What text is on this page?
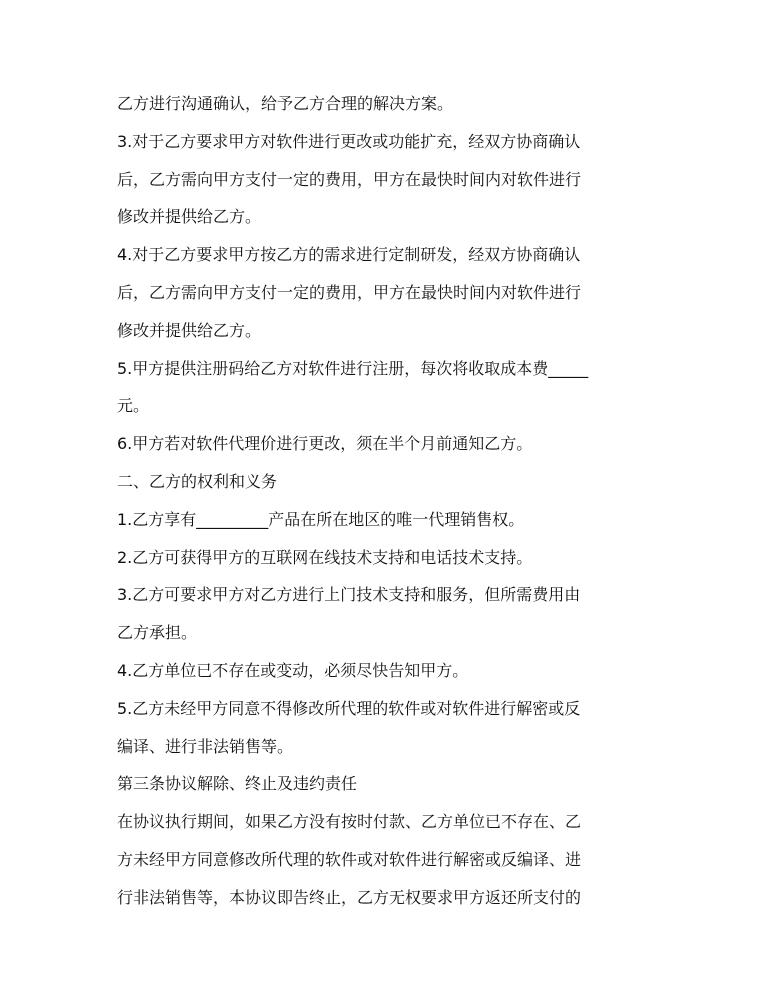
乙方进行沟通确认，给予乙方合理的解决方案。
3.对于乙方要求甲方对软件进行更改或功能扩充，经双方协商确认
后，乙方需向甲方支付一定的费用，甲方在最快时间内对软件进行
修改并提供给乙方。
4.对于乙方要求甲方按乙方的需求进行定制研发，经双方协商确认
后，乙方需向甲方支付一定的费用，甲方在最快时间内对软件进行
修改并提供给乙方。
5.甲方提供注册码给乙方对软件进行注册，每次将收取成本费_____
元。
6.甲方若对软件代理价进行更改，须在半个月前通知乙方。
二、乙方的权利和义务
1.乙方享有_________产品在所在地区的唯一代理销售权。
2.乙方可获得甲方的互联网在线技术支持和电话技术支持。
3.乙方可要求甲方对乙方进行上门技术支持和服务，但所需费用由
乙方承担。
4.乙方单位已不存在或变动，必须尽快告知甲方。
5.乙方未经甲方同意不得修改所代理的软件或对软件进行解密或反
编译、进行非法销售等。
第三条协议解除、终止及违约责任
在协议执行期间，如果乙方没有按时付款、乙方单位已不存在、乙
方未经甲方同意修改所代理的软件或对软件进行解密或反编译、进
行非法销售等，本协议即告终止，乙方无权要求甲方返还所支付的
